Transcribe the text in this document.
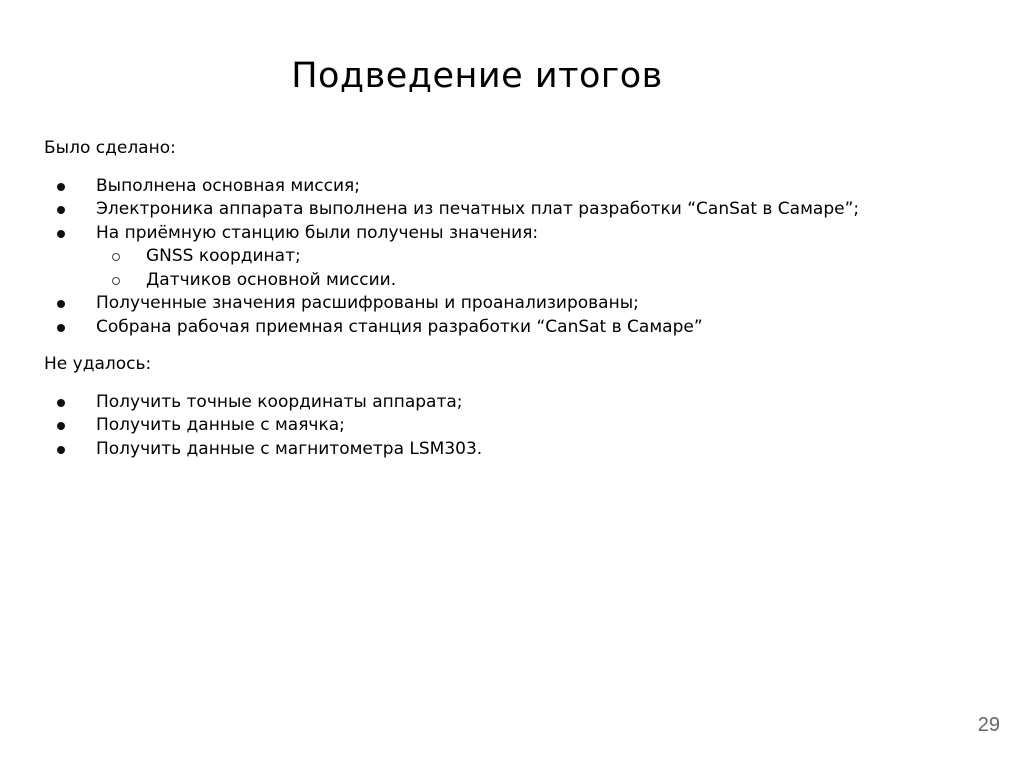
Подведение итогов

Было сделано:

Выполнена основная миссия;
Электроника аппарата выполнена из печатных плат разработки “CanSat в Самаре”;
На приёмную станцию были получены значения:
GNSS координат;
Датчиков основной миссии.
Полученные значения расшифрованы и проанализированы;
Собрана рабочая приемная станция разработки “CanSat в Самаре”

Не удалось:

Получить точные координаты аппарата;
Получить данные с маячка;
Получить данные с магнитометра LSM303.
29
